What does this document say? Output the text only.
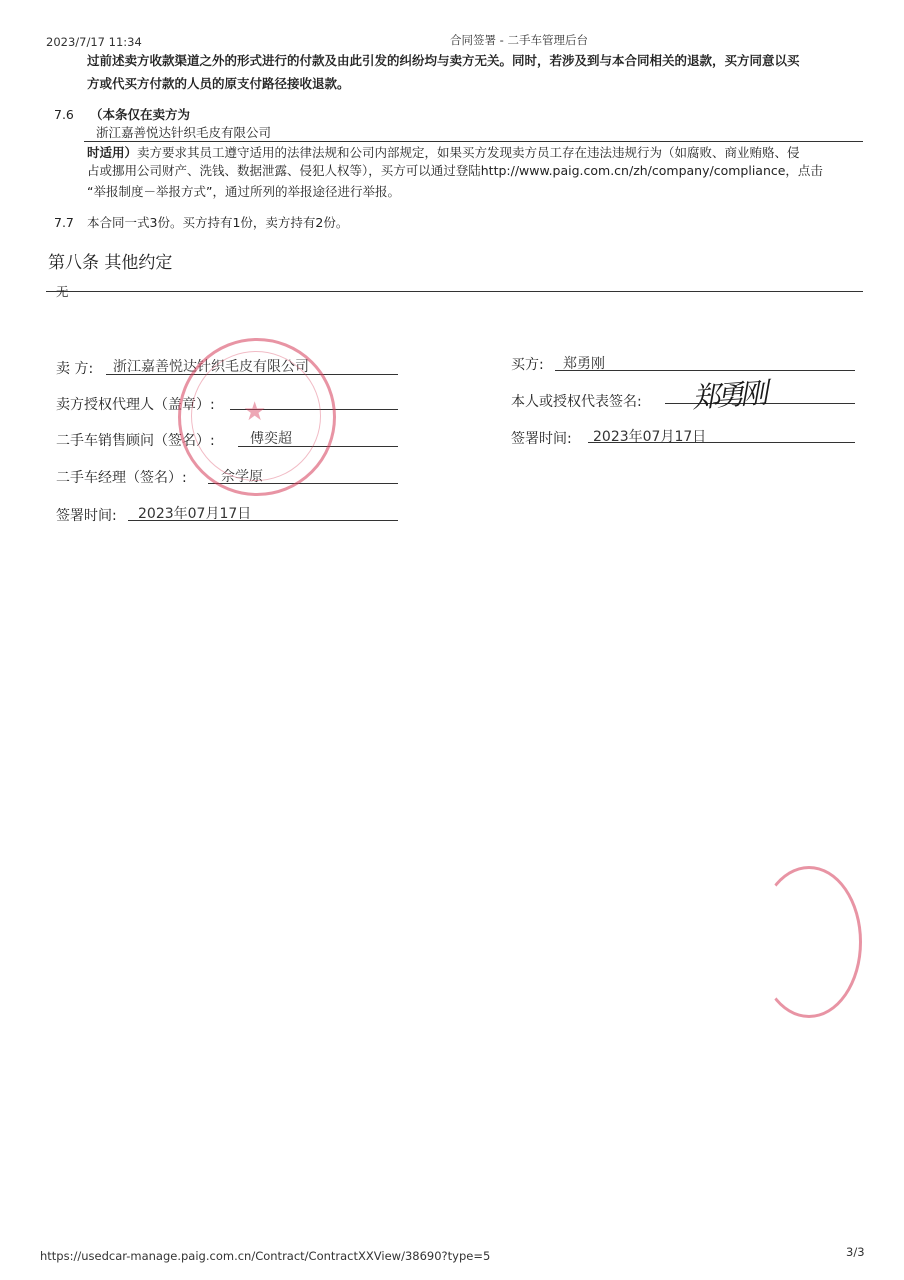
2023/7/17 11:34	合同签署 - 二手车管理后台
过前述卖方收款渠道之外的形式进行的付款及由此引发的纠纷均与卖方无关。同时，若涉及到与本合同相关的退款，买方同意以买
方或代买方付款的人员的原支付路径接收退款。
7.6 （本条仅在卖方为
浙江嘉善悦达针织毛皮有限公司
时适用）卖方要求其员工遵守适用的法律法规和公司内部规定，如果买方发现卖方员工存在违法违规行为（如腐败、商业贿赂、侵
占或挪用公司财产、洗钱、数据泄露、侵犯人权等），买方可以通过登陆http://www.paig.com.cn/zh/company/compliance，点击
“举报制度－举报方式”，通过所列的举报途径进行举报。
7.7 本合同一式3份。买方持有1份，卖方持有2份。
第八条 其他约定
无
卖 方: 浙江嘉善悦达针织毛皮有限公司
卖方授权代理人（盖章）:
二手车销售顾问（签名）:	傅奕超
二手车经理（签名）: 佘学原
签署时间: 2023年07月17日
★
买方: 郑勇刚
本人或授权代表签名: 郑勇刚
签署时间: 2023年07月17日
https://usedcar-manage.paig.com.cn/Contract/ContractXXView/38690?type=5	3/3
